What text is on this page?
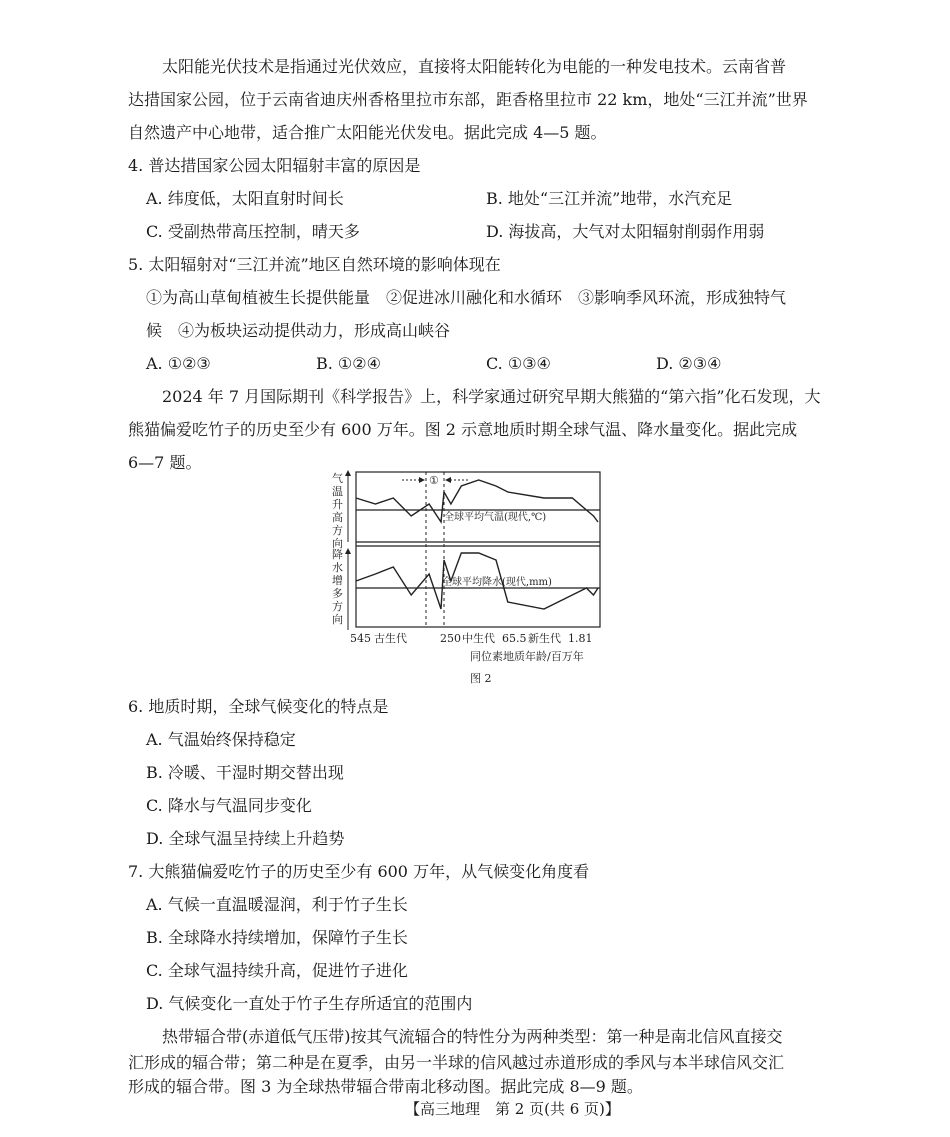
太阳能光伏技术是指通过光伏效应，直接将太阳能转化为电能的一种发电技术。云南省普
达措国家公园，位于云南省迪庆州香格里拉市东部，距香格里拉市 22 km，地处“三江并流”世界
自然遗产中心地带，适合推广太阳能光伏发电。据此完成 4—5 题。
4. 普达措国家公园太阳辐射丰富的原因是
A. 纬度低，太阳直射时间长	B. 地处“三江并流”地带，水汽充足
C. 受副热带高压控制，晴天多	D. 海拔高，大气对太阳辐射削弱作用弱
5. 太阳辐射对“三江并流”地区自然环境的影响体现在
①为高山草甸植被生长提供能量　②促进冰川融化和水循环　③影响季风环流，形成独特气
候　④为板块运动提供动力，形成高山峡谷
A. ①②③	B. ①②④	C. ①③④	D. ②③④
2024 年 7 月国际期刊《科学报告》上，科学家通过研究早期大熊猫的“第六指”化石发现，大
熊猫偏爱吃竹子的历史至少有 600 万年。图 2 示意地质时期全球气温、降水量变化。据此完成
6—7 题。
气
温
升
高
方
向
降
水
增
多
方
向
①
全球平均气温(现代,℃)
全球平均降水(现代,mm)
545 古生代	250 中生代 65.5 新生代 1.81
同位素地质年龄/百万年
图 2
6. 地质时期，全球气候变化的特点是
A. 气温始终保持稳定
B. 冷暖、干湿时期交替出现
C. 降水与气温同步变化
D. 全球气温呈持续上升趋势
7. 大熊猫偏爱吃竹子的历史至少有 600 万年，从气候变化角度看
A. 气候一直温暖湿润，利于竹子生长
B. 全球降水持续增加，保障竹子生长
C. 全球气温持续升高，促进竹子进化
D. 气候变化一直处于竹子生存所适宜的范围内
热带辐合带(赤道低气压带)按其气流辐合的特性分为两种类型：第一种是南北信风直接交
汇形成的辐合带；第二种是在夏季，由另一半球的信风越过赤道形成的季风与本半球信风交汇
形成的辐合带。图 3 为全球热带辐合带南北移动图。据此完成 8—9 题。
【高三地理　第 2 页(共 6 页)】
